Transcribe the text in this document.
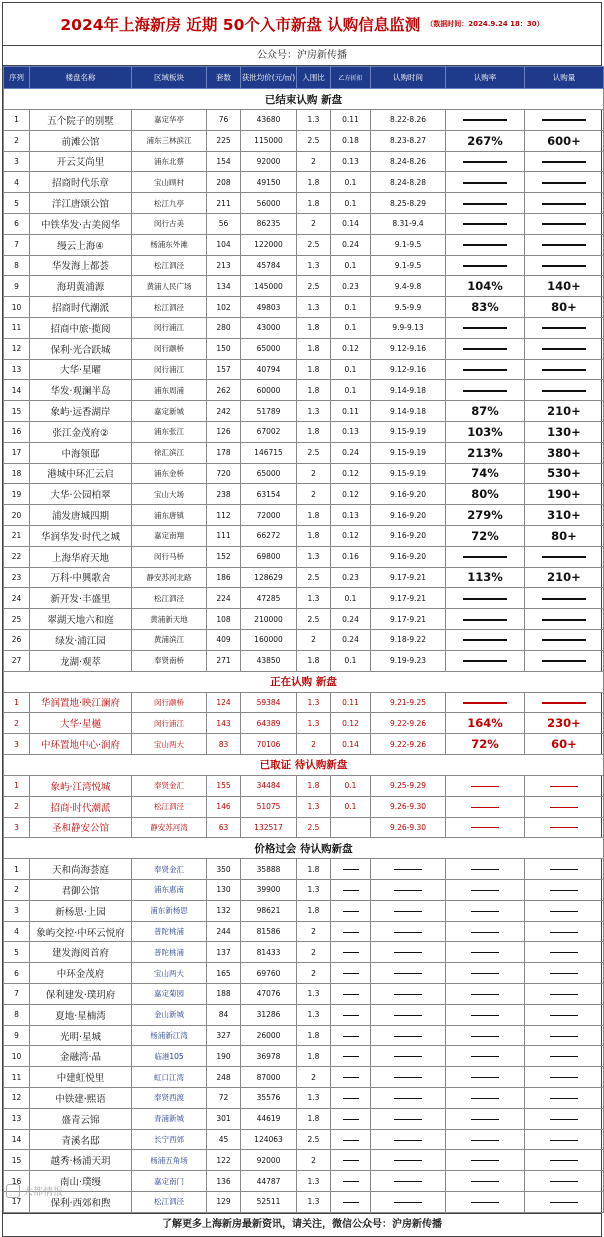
2024年上海新房 近期 50个入市新盘 认购信息监测 （数据时间：2024.9.24 18：30）
公众号：沪房新传播
序列	楼盘名称	区域板块	套数	获批均价(元/㎡)	入围比	乙方折扣	认购时间	认购率	认购量
已结束认购 新盘									
1	五个院子的别墅	嘉定华亭	76	43680	1.3	0.11	8.22-8.26		
2	前滩公馆	浦东三林滨江	225	115000	2.5	0.18	8.23-8.27	267%	600+
3	开云艾尚里	浦东北蔡	154	92000	2	0.13	8.24-8.26		
4	招商时代乐章	宝山顾村	208	49150	1.8	0.1	8.24-8.28		
5	洋江唐颂公馆	松江九亭	211	56000	1.8	0.1	8.25-8.29		
6	中铁华发·古美阅华	闵行古美	56	86235	2	0.14	8.31-9.4		
7	缦云上海④	杨浦东外滩	104	122000	2.5	0.24	9.1-9.5		
8	华发海上都荟	松江泗泾	213	45784	1.3	0.1	9.1-9.5		
9	海玥黄浦源	黄浦人民广场	134	145000	2.5	0.23	9.4-9.8	104%	140+
10	招商时代潮派	松江泗泾	102	49803	1.3	0.1	9.5-9.9	83%	80+
11	招商中旅·揽阅	闵行浦江	280	43000	1.8	0.1	9.9-9.13		
12	保利·光合跃城	闵行颛桥	150	65000	1.8	0.12	9.12-9.16		
13	大华·星曜	闵行浦江	157	40794	1.8	0.1	9.12-9.16		
14	华发·观澜半岛	浦东周浦	262	60000	1.8	0.1	9.14-9.18		
15	象屿·远香湖岸	嘉定新城	242	51789	1.3	0.11	9.14-9.18	87%	210+
16	张江金茂府②	浦东张江	126	67002	1.8	0.13	9.15-9.19	103%	130+
17	中海领邸	徐汇滨江	178	146715	2.5	0.24	9.15-9.19	213%	380+
18	港城中环汇云启	浦东金桥	720	65000	2	0.12	9.15-9.19	74%	530+
19	大华·公园柏翠	宝山大场	238	63154	2	0.12	9.16-9.20	80%	190+
20	浦发唐城四期	浦东唐镇	112	72000	1.8	0.13	9.16-9.20	279%	310+
21	华润华发·时代之城	嘉定南翔	111	66272	1.8	0.12	9.16-9.20	72%	80+
22	上海华府天地	闵行马桥	152	69800	1.3	0.16	9.16-9.20		
23	万科·中興歌舍	静安苏河北路	186	128629	2.5	0.23	9.17-9.21	113%	210+
24	新开发·丰盛里	松江泗泾	224	47285	1.3	0.1	9.17-9.21		
25	翠湖天地六和庭	黄浦新天地	108	210000	2.5	0.24	9.17-9.21		
26	绿发·浦江园	黄浦滨江	409	160000	2	0.24	9.18-9.22		
27	龙湖·观萃	奉贤南桥	271	43850	1.8	0.1	9.19-9.23		
正在认购 新盘									
1	华润置地·映江澜府	闵行颛桥	124	59384	1.3	0.11	9.21-9.25		
2	大华·星樾	闵行浦江	143	64389	1.3	0.12	9.22-9.26	164%	230+
3	中环置地中心·润府	宝山两大	83	70106	2	0.14	9.22-9.26	72%	60+
已取证 待认购新盘									
1	象屿·江湾悦城	奉贤金汇	155	34484	1.8	0.1	9.25-9.29		
2	招商·时代潮派	松江泗泾	146	51075	1.3	0.1	9.26-9.30		
3	圣和静安公馆	静安苏河湾	63	132517	2.5		9.26-9.30		
价格过会 待认购新盘									
1	天和尚海荟庭	奉贤金汇	350	35888	1.8				
2	君御公馆	浦东惠南	130	39900	1.3				
3	新杨思·上园	浦东新杨思	132	98621	1.8				
4	象屿交控·中环云悦府	普陀桃浦	244	81586	2				
5	建发海阅首府	普陀桃浦	137	81433	2				
6	中环金茂府	宝山两大	165	69760	2				
7	保利建发·璞玥府	嘉定菊园	188	47076	1.3				
8	夏地·星楠湾	金山新城	84	31286	1.3				
9	光明·星城	杨浦新江湾	327	26000	1.8				
10	金融湾·晶	临港105	190	36978	1.8				
11	中建虹悦里	虹口江湾	248	87000	2				
12	中铁建·熙语	奉贤西渡	72	35576	1.3				
13	盛青云锦	青浦新城	301	44619	1.8				
14	青溪名邸	长宁西郊	45	124063	2.5				
15	越秀·杨浦天玥	杨浦五角场	122	92000	2				
16	南山·璞缦	嘉定南门	136	44787	1.3				
17	保利·西郊和煦	松江泗泾	129	52511	1.3				
了解更多上海新房最新资讯，请关注，微信公众号：沪房新传播
大都情报
